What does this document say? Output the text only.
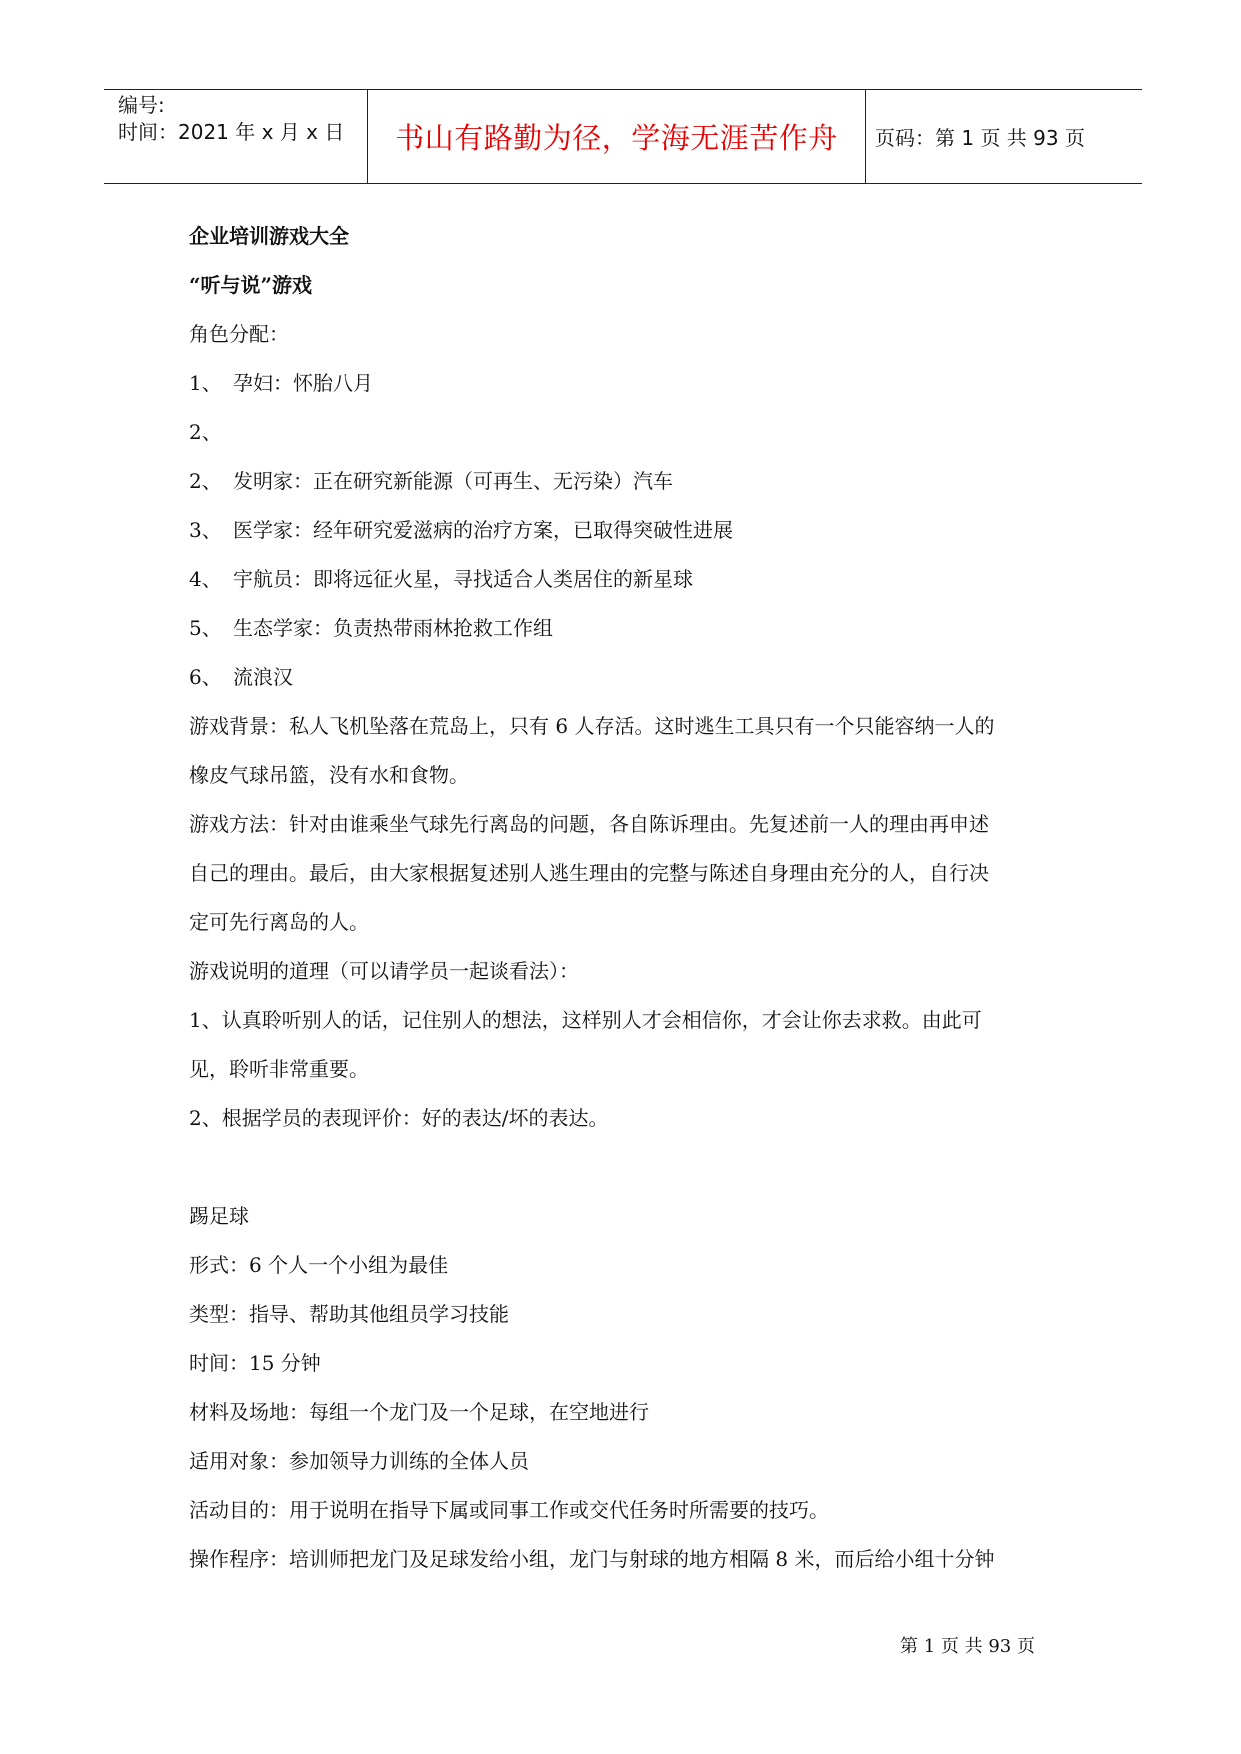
编号:
时间：2021 年 x 月 x 日 书山有路勤为径，学海无涯苦作舟 页码：第 1 页 共 93 页
企业培训游戏大全
“听与说”游戏
角色分配：
1、 孕妇：怀胎八月
2、
2、 发明家：正在研究新能源（可再生、无污染）汽车
3、 医学家：经年研究爱滋病的治疗方案，已取得突破性进展
4、 宇航员：即将远征火星，寻找适合人类居住的新星球
5、 生态学家：负责热带雨林抢救工作组
6、 流浪汉
游戏背景：私人飞机坠落在荒岛上，只有 6 人存活。这时逃生工具只有一个只能容纳一人的
橡皮气球吊篮，没有水和食物。
游戏方法：针对由谁乘坐气球先行离岛的问题，各自陈诉理由。先复述前一人的理由再申述
自己的理由。最后，由大家根据复述别人逃生理由的完整与陈述自身理由充分的人，自行决
定可先行离岛的人。
游戏说明的道理（可以请学员一起谈看法）：
1、认真聆听别人的话，记住别人的想法，这样别人才会相信你，才会让你去求救。由此可
见，聆听非常重要。
2、根据学员的表现评价：好的表达/坏的表达。
踢足球
形式：6 个人一个小组为最佳
类型：指导、帮助其他组员学习技能
时间：15 分钟
材料及场地：每组一个龙门及一个足球，在空地进行
适用对象：参加领导力训练的全体人员
活动目的：用于说明在指导下属或同事工作或交代任务时所需要的技巧。
操作程序：培训师把龙门及足球发给小组，龙门与射球的地方相隔 8 米，而后给小组十分钟
第 1 页 共 93 页
